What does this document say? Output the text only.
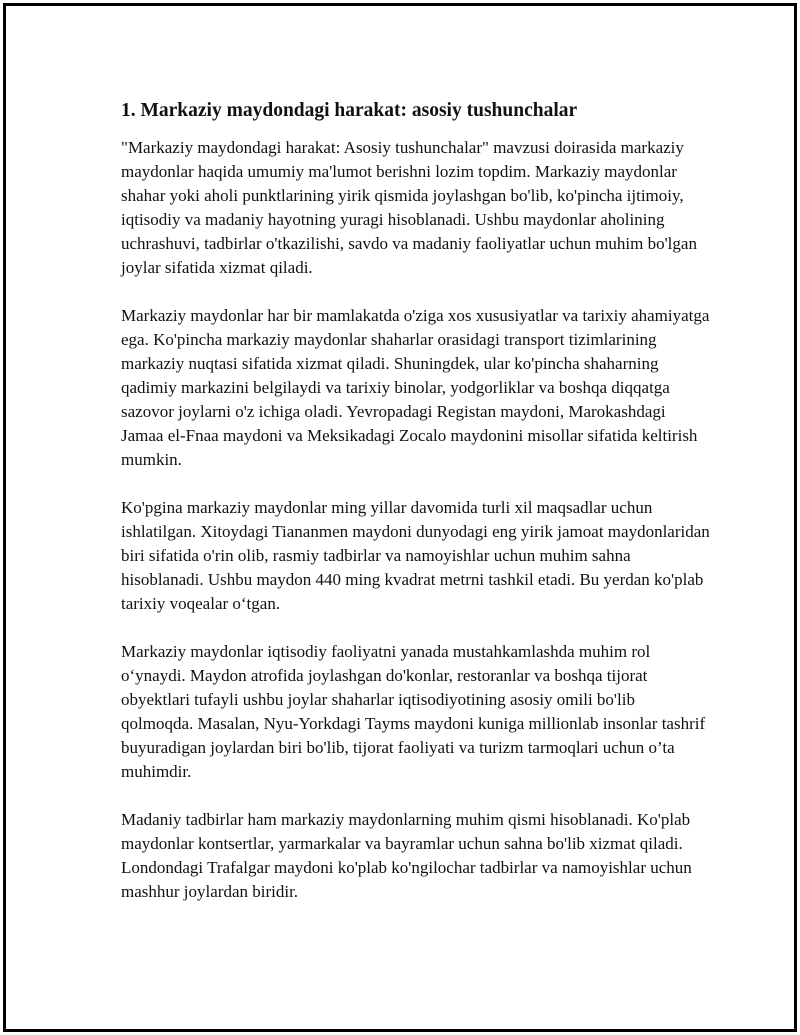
1. Markaziy maydondagi harakat: asosiy tushunchalar

"Markaziy maydondagi harakat: Asosiy tushunchalar" mavzusi doirasida markaziy maydonlar haqida umumiy ma'lumot berishni lozim topdim. Markaziy maydonlar shahar yoki aholi punktlarining yirik qismida joylashgan bo'lib, ko'pincha ijtimoiy, iqtisodiy va madaniy hayotning yuragi hisoblanadi. Ushbu maydonlar aholining uchrashuvi, tadbirlar o'tkazilishi, savdo va madaniy faoliyatlar uchun muhim bo'lgan joylar sifatida xizmat qiladi.

Markaziy maydonlar har bir mamlakatda o'ziga xos xususiyatlar va tarixiy ahamiyatga ega. Ko'pincha markaziy maydonlar shaharlar orasidagi transport tizimlarining markaziy nuqtasi sifatida xizmat qiladi. Shuningdek, ular ko'pincha shaharning qadimiy markazini belgilaydi va tarixiy binolar, yodgorliklar va boshqa diqqatga sazovor joylarni o'z ichiga oladi. Yevropadagi Registan maydoni, Marokashdagi Jamaa el-Fnaa maydoni va Meksikadagi Zocalo maydonini misollar sifatida keltirish mumkin.

Ko'pgina markaziy maydonlar ming yillar davomida turli xil maqsadlar uchun ishlatilgan. Xitoydagi Tiananmen maydoni dunyodagi eng yirik jamoat maydonlaridan biri sifatida o'rin olib, rasmiy tadbirlar va namoyishlar uchun muhim sahna hisoblanadi. Ushbu maydon 440 ming kvadrat metrni tashkil etadi. Bu yerdan ko'plab tarixiy voqealar o‘tgan.

Markaziy maydonlar iqtisodiy faoliyatni yanada mustahkamlashda muhim rol o‘ynaydi. Maydon atrofida joylashgan do'konlar, restoranlar va boshqa tijorat obyektlari tufayli ushbu joylar shaharlar iqtisodiyotining asosiy omili bo'lib qolmoqda. Masalan, Nyu-Yorkdagi Tayms maydoni kuniga millionlab insonlar tashrif buyuradigan joylardan biri bo'lib, tijorat faoliyati va turizm tarmoqlari uchun o’ta muhimdir.

Madaniy tadbirlar ham markaziy maydonlarning muhim qismi hisoblanadi. Ko'plab maydonlar kontsertlar, yarmarkalar va bayramlar uchun sahna bo'lib xizmat qiladi. Londondagi Trafalgar maydoni ko'plab ko'ngilochar tadbirlar va namoyishlar uchun mashhur joylardan biridir.
